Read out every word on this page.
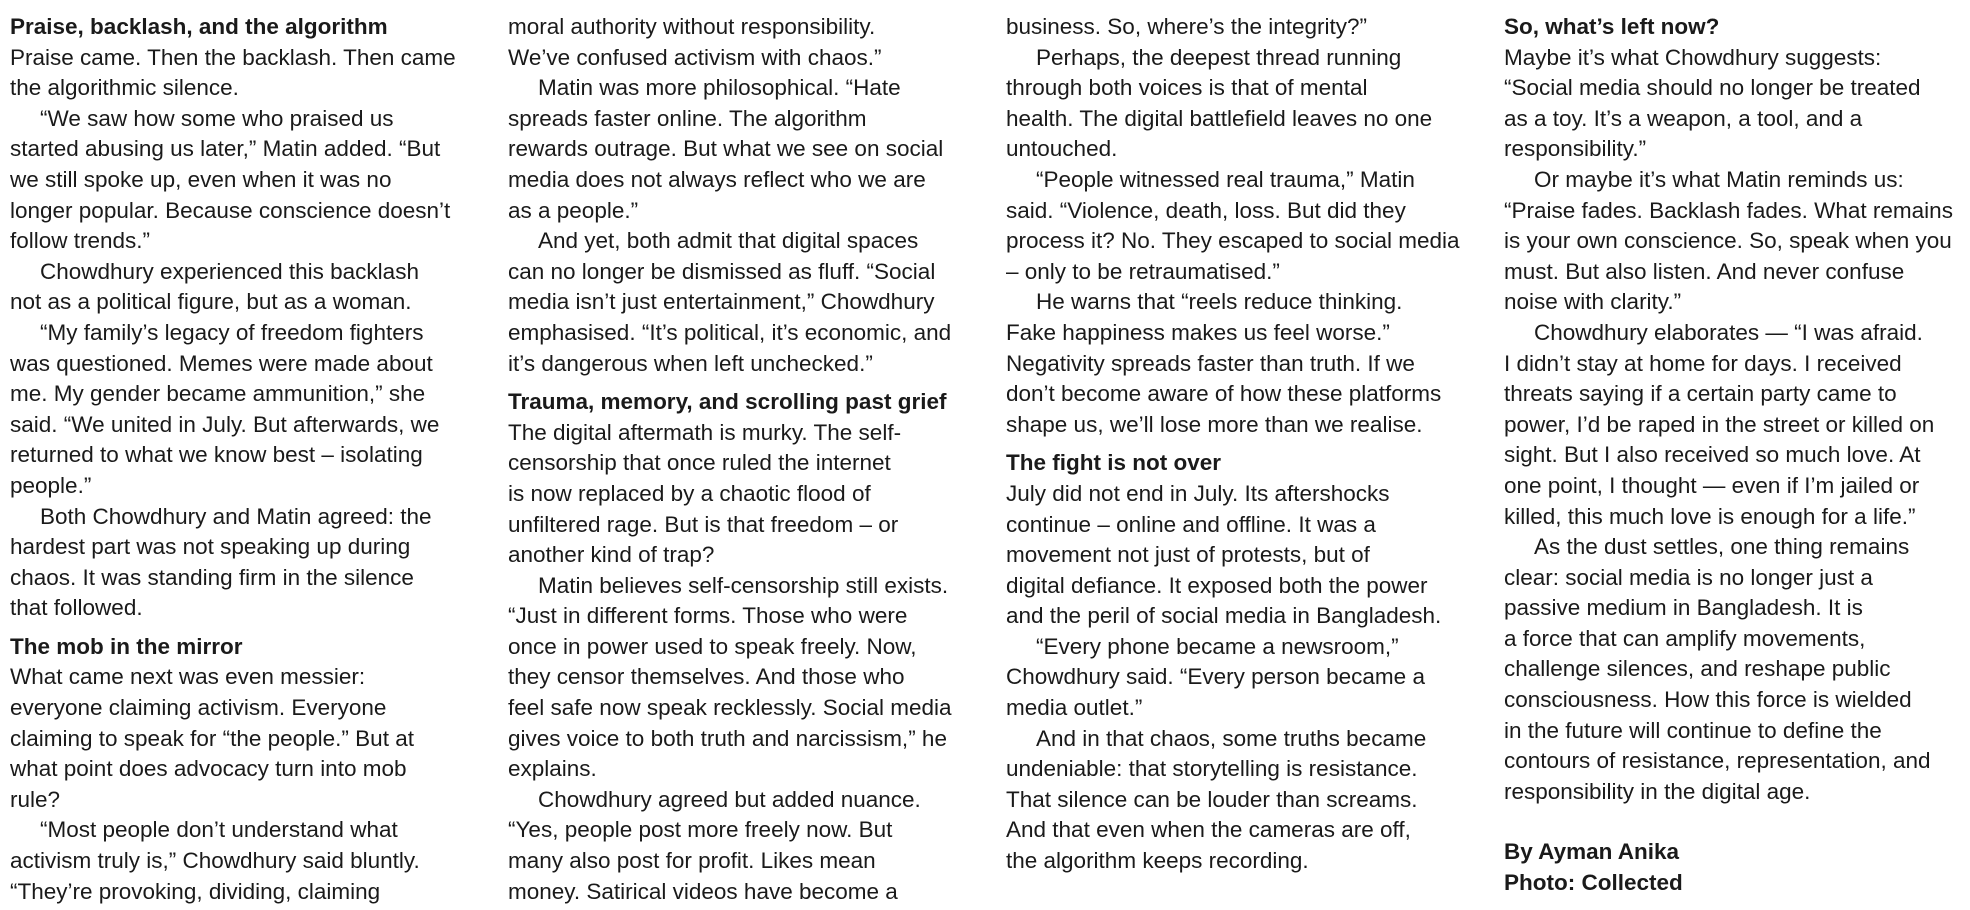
Praise, backlash, and the algorithm
Praise came. Then the backlash. Then came
the algorithmic silence.
“We saw how some who praised us
started abusing us later,” Matin added. “But
we still spoke up, even when it was no
longer popular. Because conscience doesn’t
follow trends.”
Chowdhury experienced this backlash
not as a political figure, but as a woman.
“My family’s legacy of freedom fighters
was questioned. Memes were made about
me. My gender became ammunition,” she
said. “We united in July. But afterwards, we
returned to what we know best – isolating
people.”
Both Chowdhury and Matin agreed: the
hardest part was not speaking up during
chaos. It was standing firm in the silence
that followed.
The mob in the mirror
What came next was even messier:
everyone claiming activism. Everyone
claiming to speak for “the people.” But at
what point does advocacy turn into mob
rule?
“Most people don’t understand what
activism truly is,” Chowdhury said bluntly.
“They’re provoking, dividing, claiming
moral authority without responsibility.
We’ve confused activism with chaos.”
Matin was more philosophical. “Hate
spreads faster online. The algorithm
rewards outrage. But what we see on social
media does not always reflect who we are
as a people.”
And yet, both admit that digital spaces
can no longer be dismissed as fluff. “Social
media isn’t just entertainment,” Chowdhury
emphasised. “It’s political, it’s economic, and
it’s dangerous when left unchecked.”
Trauma, memory, and scrolling past grief
The digital aftermath is murky. The self-
censorship that once ruled the internet
is now replaced by a chaotic flood of
unfiltered rage. But is that freedom – or
another kind of trap?
Matin believes self-censorship still exists.
“Just in different forms. Those who were
once in power used to speak freely. Now,
they censor themselves. And those who
feel safe now speak recklessly. Social media
gives voice to both truth and narcissism,” he
explains.
Chowdhury agreed but added nuance.
“Yes, people post more freely now. But
many also post for profit. Likes mean
money. Satirical videos have become a
business. So, where’s the integrity?”
Perhaps, the deepest thread running
through both voices is that of mental
health. The digital battlefield leaves no one
untouched.
“People witnessed real trauma,” Matin
said. “Violence, death, loss. But did they
process it? No. They escaped to social media
– only to be retraumatised.”
He warns that “reels reduce thinking.
Fake happiness makes us feel worse.”
Negativity spreads faster than truth. If we
don’t become aware of how these platforms
shape us, we’ll lose more than we realise.
The fight is not over
July did not end in July. Its aftershocks
continue – online and offline. It was a
movement not just of protests, but of
digital defiance. It exposed both the power
and the peril of social media in Bangladesh.
“Every phone became a newsroom,”
Chowdhury said. “Every person became a
media outlet.”
And in that chaos, some truths became
undeniable: that storytelling is resistance.
That silence can be louder than screams.
And that even when the cameras are off,
the algorithm keeps recording.
So, what’s left now?
Maybe it’s what Chowdhury suggests:
“Social media should no longer be treated
as a toy. It’s a weapon, a tool, and a
responsibility.”
Or maybe it’s what Matin reminds us:
“Praise fades. Backlash fades. What remains
is your own conscience. So, speak when you
must. But also listen. And never confuse
noise with clarity.”
Chowdhury elaborates — “I was afraid.
I didn’t stay at home for days. I received
threats saying if a certain party came to
power, I’d be raped in the street or killed on
sight. But I also received so much love. At
one point, I thought — even if I’m jailed or
killed, this much love is enough for a life.”
As the dust settles, one thing remains
clear: social media is no longer just a
passive medium in Bangladesh. It is
a force that can amplify movements,
challenge silences, and reshape public
consciousness. How this force is wielded
in the future will continue to define the
contours of resistance, representation, and
responsibility in the digital age.
By Ayman Anika
Photo: Collected
